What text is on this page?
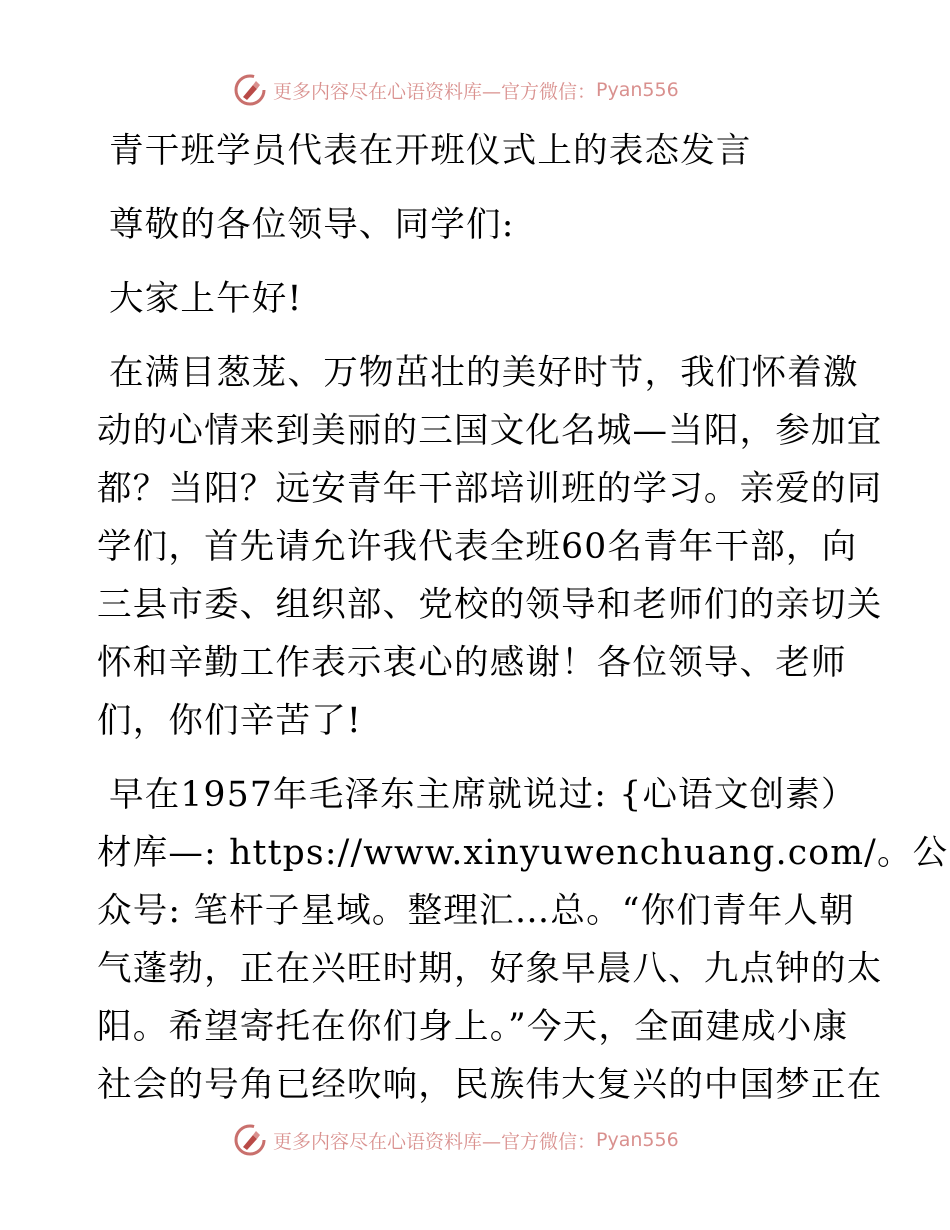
更多内容尽在心语资料库—官方微信： Pyan556
青干班学员代表在开班仪式上的表态发言
尊敬的各位领导、同学们:
大家上午好!
在满目葱茏、万物茁壮的美好时节，我们怀着激
动的心情来到美丽的三国文化名城—当阳，参加宜
都？当阳？远安青年干部培训班的学习。亲爱的同
学们，首先请允许我代表全班60名青年干部，向
三县市委、组织部、党校的领导和老师们的亲切关
怀和辛勤工作表示衷心的感谢！各位领导、老师
们，你们辛苦了!
早在1957年毛泽东主席就说过: {心语文创素）
材库—: https://www.xinyuwenchuang.com/。公
众号: 笔杆子星域。整理汇…总。“你们青年人朝
气蓬勃，正在兴旺时期，好象早晨八、九点钟的太
阳。希望寄托在你们身上。”今天，全面建成小康
社会的号角已经吹响，民族伟大复兴的中国梦正在
更多内容尽在心语资料库—官方微信： Pyan556
